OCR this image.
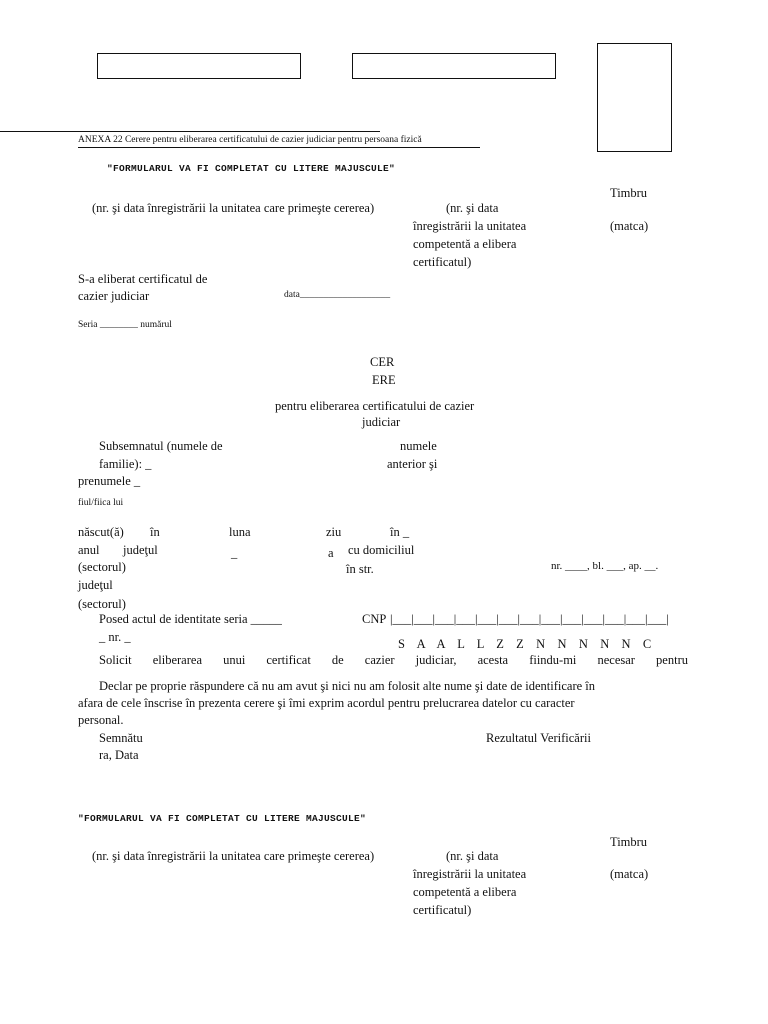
ANEXA 22 Cerere pentru eliberarea certificatului de cazier judiciar pentru persoana fizică
"FORMULARUL VA FI COMPLETAT CU LITERE MAJUSCULE"
Timbru
(nr. şi data înregistrării la unitatea care primeşte cererea)	(nr. şi data
înregistrării la unitatea	(matca)
competentă a elibera
certificatul)
S-a eliberat certificatul de
cazier judiciar	data___________________
Seria ________ numărul
CER
ERE
pentru eliberarea certificatului de cazier
judiciar
Subsemnatul (numele de	numele
familie): _	anterior şi
prenumele _
fiul/fiica lui
născut(ă) în	luna	ziu	în _
anul judeţul	_	a cu domiciliul
(sectorul)	în str.	nr. ____, bl. ___, ap. __.
judeţul
(sectorul)
Posed actul de identitate seria _____	CNP |___|___|___|___|___|___|___|___|___|___|___|___|___|
_ nr. _	S A A L L Z Z N N N N N C
Solicit eliberarea unui certificat de cazier judiciar, acesta fiindu-mi necesar pentru
Declar pe proprie răspundere că nu am avut şi nici nu am folosit alte nume şi date de identificare în
afara de cele înscrise în prezenta cerere şi îmi exprim acordul pentru prelucrarea datelor cu caracter
personal.
Semnătu	Rezultatul Verificării
ra, Data
"FORMULARUL VA FI COMPLETAT CU LITERE MAJUSCULE"
Timbru
(nr. şi data înregistrării la unitatea care primeşte cererea)	(nr. şi data
înregistrării la unitatea	(matca)
competentă a elibera
certificatul)
